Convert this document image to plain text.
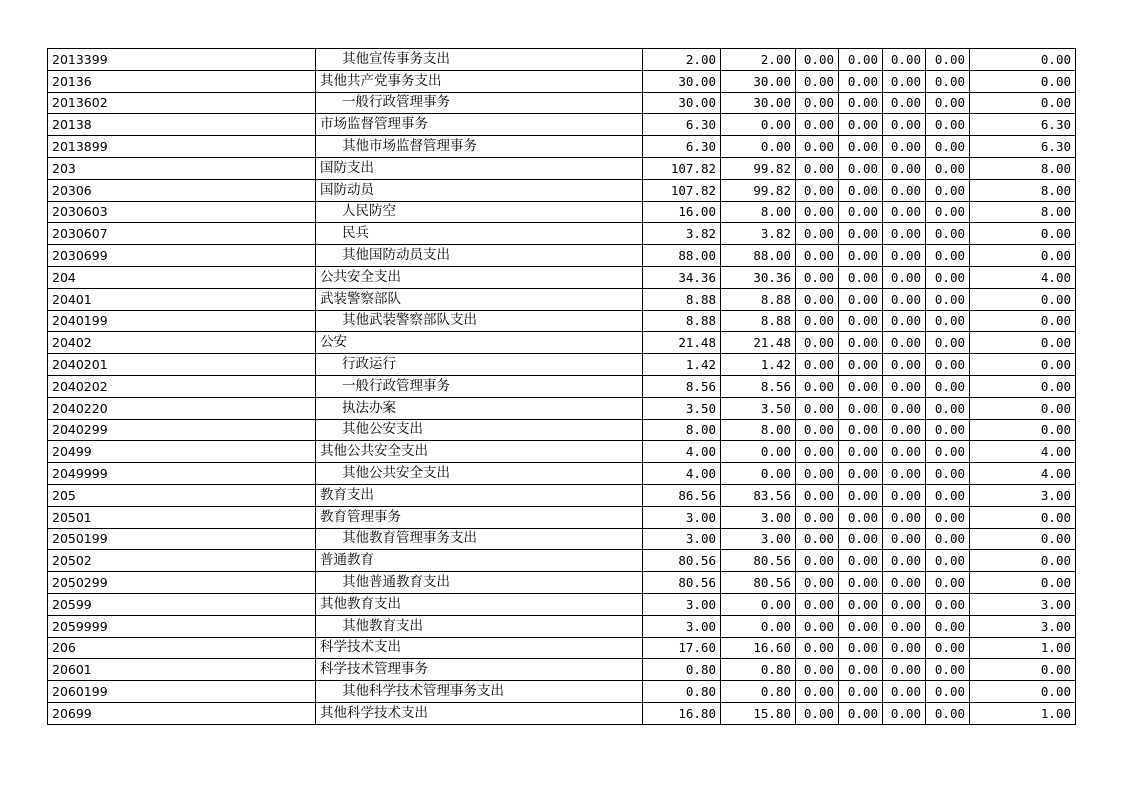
2013399	其他宣传事务支出	2.00	2.00	0.00	0.00	0.00	0.00	0.00
20136	其他共产党事务支出	30.00	30.00	0.00	0.00	0.00	0.00	0.00
2013602	一般行政管理事务	30.00	30.00	0.00	0.00	0.00	0.00	0.00
20138	市场监督管理事务	6.30	0.00	0.00	0.00	0.00	0.00	6.30
2013899	其他市场监督管理事务	6.30	0.00	0.00	0.00	0.00	0.00	6.30
203	国防支出	107.82	99.82	0.00	0.00	0.00	0.00	8.00
20306	国防动员	107.82	99.82	0.00	0.00	0.00	0.00	8.00
2030603	人民防空	16.00	8.00	0.00	0.00	0.00	0.00	8.00
2030607	民兵	3.82	3.82	0.00	0.00	0.00	0.00	0.00
2030699	其他国防动员支出	88.00	88.00	0.00	0.00	0.00	0.00	0.00
204	公共安全支出	34.36	30.36	0.00	0.00	0.00	0.00	4.00
20401	武装警察部队	8.88	8.88	0.00	0.00	0.00	0.00	0.00
2040199	其他武装警察部队支出	8.88	8.88	0.00	0.00	0.00	0.00	0.00
20402	公安	21.48	21.48	0.00	0.00	0.00	0.00	0.00
2040201	行政运行	1.42	1.42	0.00	0.00	0.00	0.00	0.00
2040202	一般行政管理事务	8.56	8.56	0.00	0.00	0.00	0.00	0.00
2040220	执法办案	3.50	3.50	0.00	0.00	0.00	0.00	0.00
2040299	其他公安支出	8.00	8.00	0.00	0.00	0.00	0.00	0.00
20499	其他公共安全支出	4.00	0.00	0.00	0.00	0.00	0.00	4.00
2049999	其他公共安全支出	4.00	0.00	0.00	0.00	0.00	0.00	4.00
205	教育支出	86.56	83.56	0.00	0.00	0.00	0.00	3.00
20501	教育管理事务	3.00	3.00	0.00	0.00	0.00	0.00	0.00
2050199	其他教育管理事务支出	3.00	3.00	0.00	0.00	0.00	0.00	0.00
20502	普通教育	80.56	80.56	0.00	0.00	0.00	0.00	0.00
2050299	其他普通教育支出	80.56	80.56	0.00	0.00	0.00	0.00	0.00
20599	其他教育支出	3.00	0.00	0.00	0.00	0.00	0.00	3.00
2059999	其他教育支出	3.00	0.00	0.00	0.00	0.00	0.00	3.00
206	科学技术支出	17.60	16.60	0.00	0.00	0.00	0.00	1.00
20601	科学技术管理事务	0.80	0.80	0.00	0.00	0.00	0.00	0.00
2060199	其他科学技术管理事务支出	0.80	0.80	0.00	0.00	0.00	0.00	0.00
20699	其他科学技术支出	16.80	15.80	0.00	0.00	0.00	0.00	1.00
